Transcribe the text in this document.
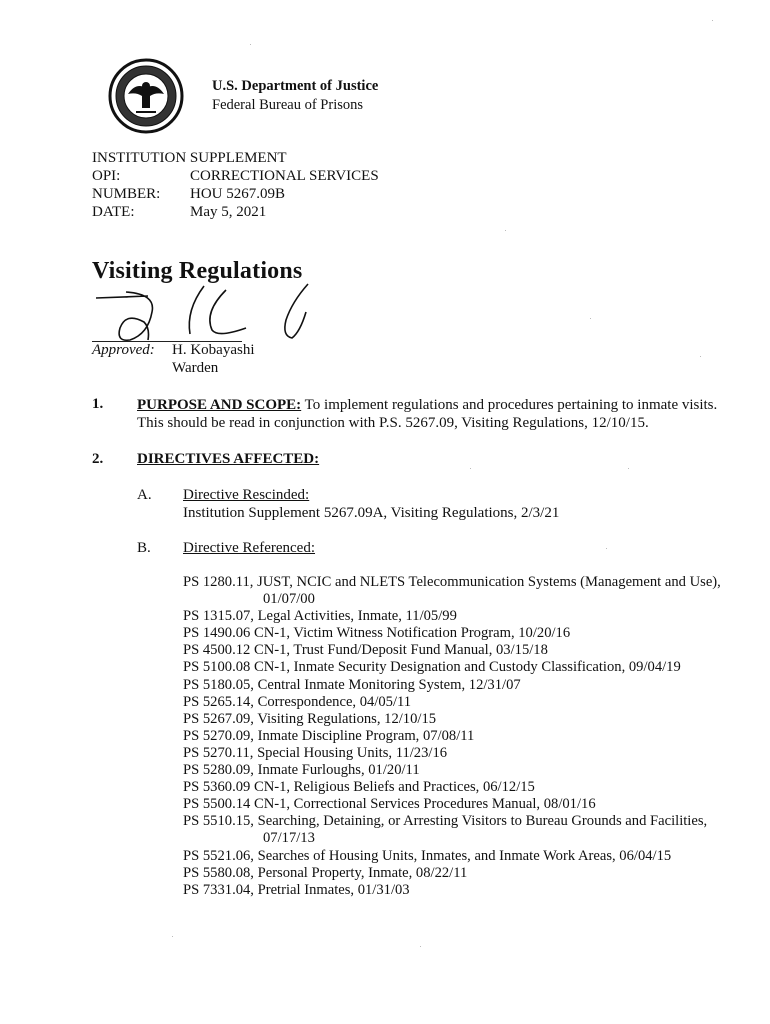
U.S. Department of Justice
Federal Bureau of Prisons
INSTITUTION SUPPLEMENT
OPI:	CORRECTIONAL SERVICES
NUMBER: HOU 5267.09B
DATE:	May 5, 2021
Visiting Regulations
Approved: H. Kobayashi
Warden
1. PURPOSE AND SCOPE: To implement regulations and procedures pertaining to inmate visits. This should be read in conjunction with P.S. 5267.09, Visiting Regulations, 12/10/15.
2. DIRECTIVES AFFECTED:
A. Directive Rescinded:
Institution Supplement 5267.09A, Visiting Regulations, 2/3/21
B. Directive Referenced:
PS 1280.11, JUST, NCIC and NLETS Telecommunication Systems (Management and Use), 01/07/00
PS 1315.07, Legal Activities, Inmate, 11/05/99
PS 1490.06 CN-1, Victim Witness Notification Program, 10/20/16
PS 4500.12 CN-1, Trust Fund/Deposit Fund Manual, 03/15/18
PS 5100.08 CN-1, Inmate Security Designation and Custody Classification, 09/04/19
PS 5180.05, Central Inmate Monitoring System, 12/31/07
PS 5265.14, Correspondence, 04/05/11
PS 5267.09, Visiting Regulations, 12/10/15
PS 5270.09, Inmate Discipline Program, 07/08/11
PS 5270.11, Special Housing Units, 11/23/16
PS 5280.09, Inmate Furloughs, 01/20/11
PS 5360.09 CN-1, Religious Beliefs and Practices, 06/12/15
PS 5500.14 CN-1, Correctional Services Procedures Manual, 08/01/16
PS 5510.15, Searching, Detaining, or Arresting Visitors to Bureau Grounds and Facilities, 07/17/13
PS 5521.06, Searches of Housing Units, Inmates, and Inmate Work Areas, 06/04/15
PS 5580.08, Personal Property, Inmate, 08/22/11
PS 7331.04, Pretrial Inmates, 01/31/03
